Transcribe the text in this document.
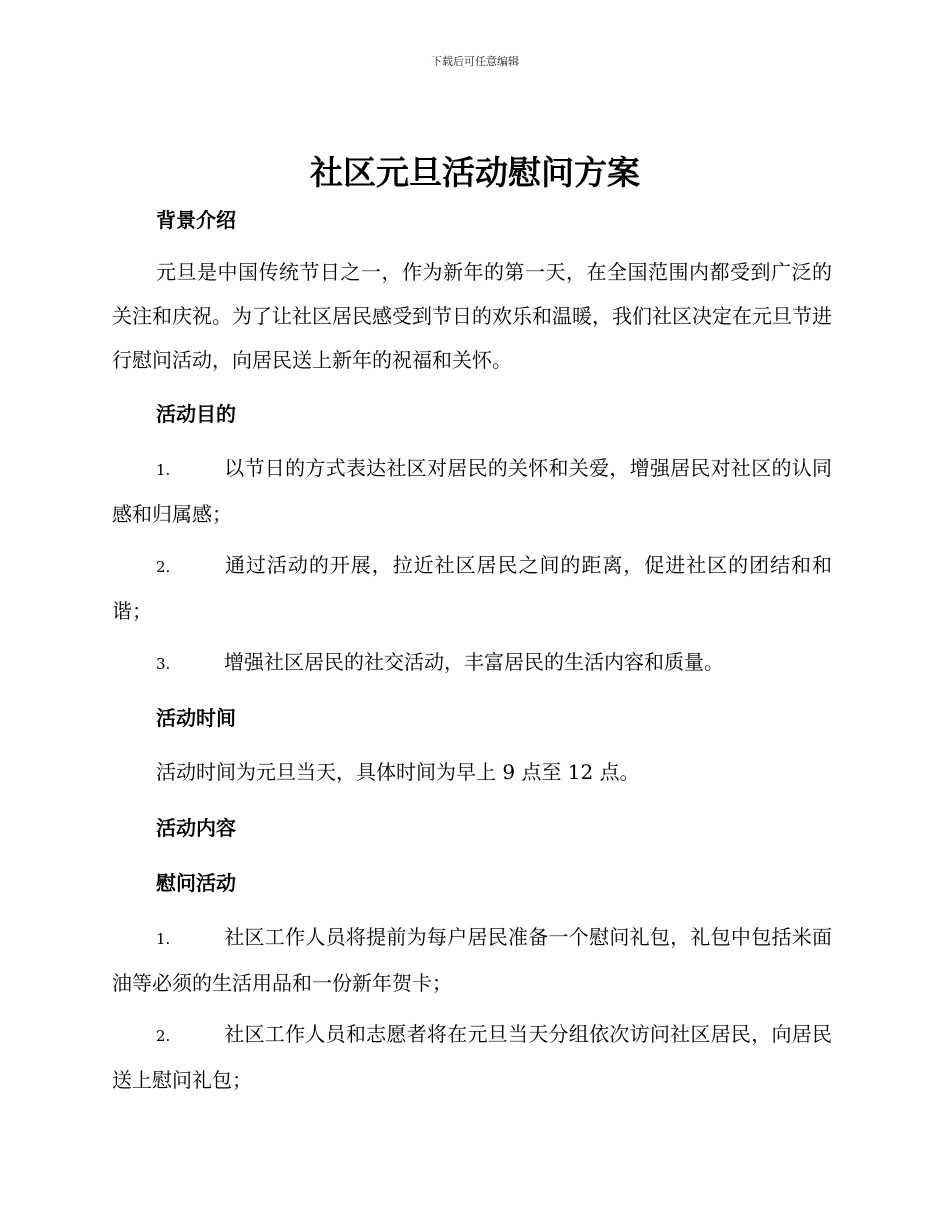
下载后可任意编辑
社区元旦活动慰问方案
背景介绍

元旦是中国传统节日之一，作为新年的第一天，在全国范围内都受到广泛的关注和庆祝。为了让社区居民感受到节日的欢乐和温暖，我们社区决定在元旦节进行慰问活动，向居民送上新年的祝福和关怀。

活动目的

1.	以节日的方式表达社区对居民的关怀和关爱，增强居民对社区的认同感和归属感；

2.	通过活动的开展，拉近社区居民之间的距离，促进社区的团结和和谐；

3.	增强社区居民的社交活动，丰富居民的生活内容和质量。

活动时间

活动时间为元旦当天，具体时间为早上 9 点至 12 点。

活动内容
慰问活动

1.	社区工作人员将提前为每户居民准备一个慰问礼包，礼包中包括米面油等必须的生活用品和一份新年贺卡；

2.	社区工作人员和志愿者将在元旦当天分组依次访问社区居民，向居民送上慰问礼包；
